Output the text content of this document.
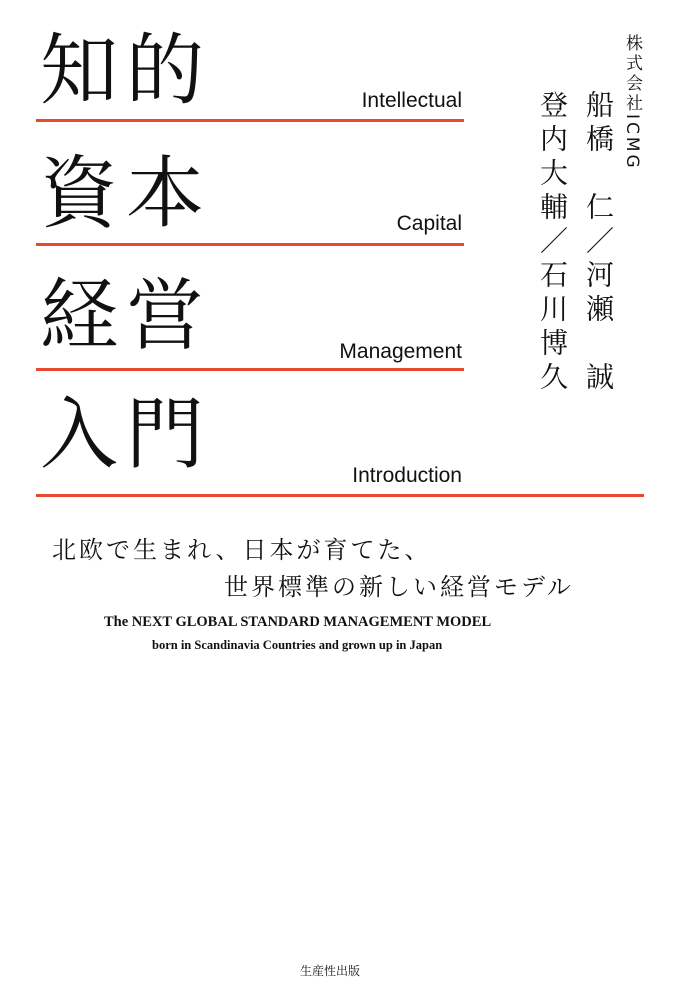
知的	Intellectual
資本	Capital
経営	Management
入門	Introduction
株式会社ICMG
船橋　仁／河瀬　誠
登内大輔／石川博久
北欧で生まれ、日本が育てた、
世界標準の新しい経営モデル
The NEXT GLOBAL STANDARD MANAGEMENT MODEL
born in Scandinavia Countries and grown up in Japan
生産性出版
